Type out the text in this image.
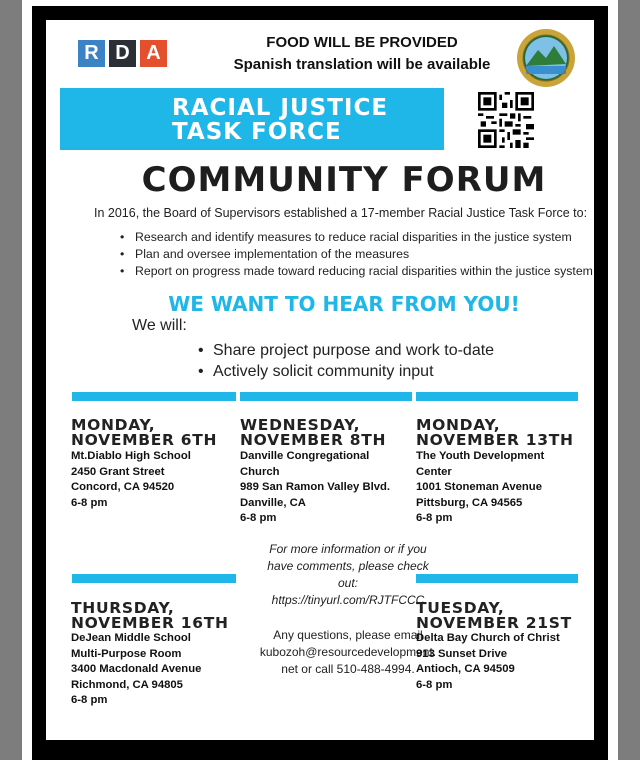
R D A	FOOD WILL BE PROVIDED
Spanish translation will be available
RACIAL JUSTICE
TASK FORCE
COMMUNITY FORUM
In 2016, the Board of Supervisors established a 17-member Racial Justice Task Force to:
• Research and identify measures to reduce racial disparities in the justice system
• Plan and oversee implementation of the measures
• Report on progress made toward reducing racial disparities within the justice system
WE WANT TO HEAR FROM YOU!
We will:
• Share project purpose and work to-date
• Actively solicit community input
MONDAY,
NOVEMBER 6TH
Mt.Diablo High School
2450 Grant Street
Concord, CA 94520
6-8 pm
WEDNESDAY,
NOVEMBER 8TH
Danville Congregational
Church
989 San Ramon Valley Blvd.
Danville, CA
6-8 pm
MONDAY,
NOVEMBER 13TH
The Youth Development
Center
1001 Stoneman Avenue
Pittsburg, CA 94565
6-8 pm
For more information or if you
have comments, please check
out:
https://tinyurl.com/RJTFCCC
Any questions, please email
kubozoh@resourcedevelopment.
net or call 510-488-4994.
THURSDAY,
NOVEMBER 16TH
DeJean Middle School
Multi-Purpose Room
3400 Macdonald Avenue
Richmond, CA 94805
6-8 pm
TUESDAY,
NOVEMBER 21ST
Delta Bay Church of Christ
913 Sunset Drive
Antioch, CA 94509
6-8 pm
